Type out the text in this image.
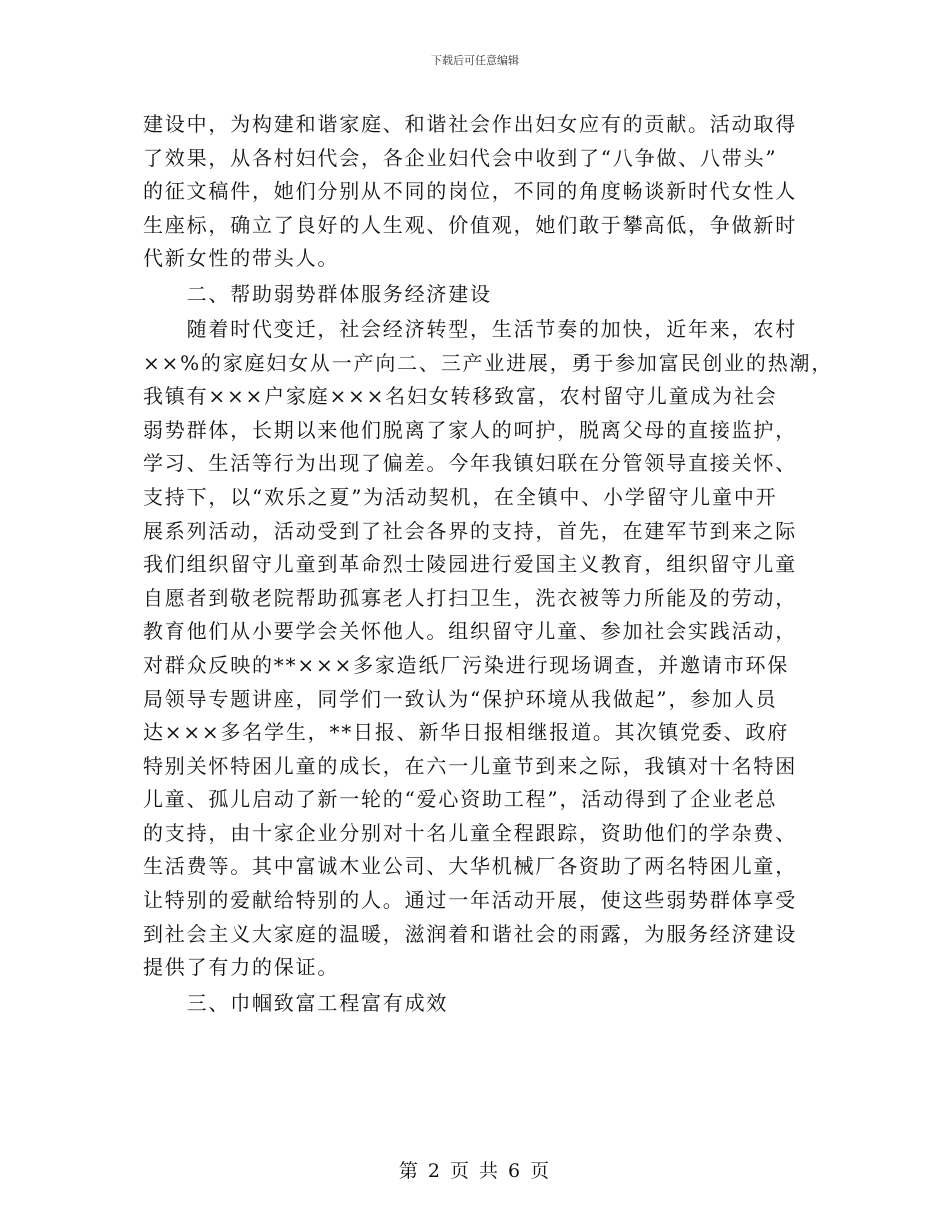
下载后可任意编辑
建设中，为构建和谐家庭、和谐社会作出妇女应有的贡献。活动取得
了效果，从各村妇代会，各企业妇代会中收到了“八争做、八带头”
的征文稿件，她们分别从不同的岗位，不同的角度畅谈新时代女性人
生座标，确立了良好的人生观、价值观，她们敢于攀高低，争做新时
代新女性的带头人。
　　二、帮助弱势群体服务经济建设
　　随着时代变迁，社会经济转型，生活节奏的加快，近年来，农村
××%的家庭妇女从一产向二、三产业进展，勇于参加富民创业的热潮，
我镇有×××户家庭×××名妇女转移致富，农村留守儿童成为社会
弱势群体，长期以来他们脱离了家人的呵护，脱离父母的直接监护，
学习、生活等行为出现了偏差。今年我镇妇联在分管领导直接关怀、
支持下，以“欢乐之夏”为活动契机，在全镇中、小学留守儿童中开
展系列活动，活动受到了社会各界的支持，首先，在建军节到来之际
我们组织留守儿童到革命烈士陵园进行爱国主义教育，组织留守儿童
自愿者到敬老院帮助孤寡老人打扫卫生，洗衣被等力所能及的劳动，
教育他们从小要学会关怀他人。组织留守儿童、参加社会实践活动，
对群众反映的**×××多家造纸厂污染进行现场调查，并邀请市环保
局领导专题讲座，同学们一致认为“保护环境从我做起”，参加人员
达×××多名学生，**日报、新华日报相继报道。其次镇党委、政府
特别关怀特困儿童的成长，在六一儿童节到来之际，我镇对十名特困
儿童、孤儿启动了新一轮的“爱心资助工程”，活动得到了企业老总
的支持，由十家企业分别对十名儿童全程跟踪，资助他们的学杂费、
生活费等。其中富诚木业公司、大华机械厂各资助了两名特困儿童，
让特别的爱献给特别的人。通过一年活动开展，使这些弱势群体享受
到社会主义大家庭的温暖，滋润着和谐社会的雨露，为服务经济建设
提供了有力的保证。
　　三、巾帼致富工程富有成效
第 2 页 共 6 页
